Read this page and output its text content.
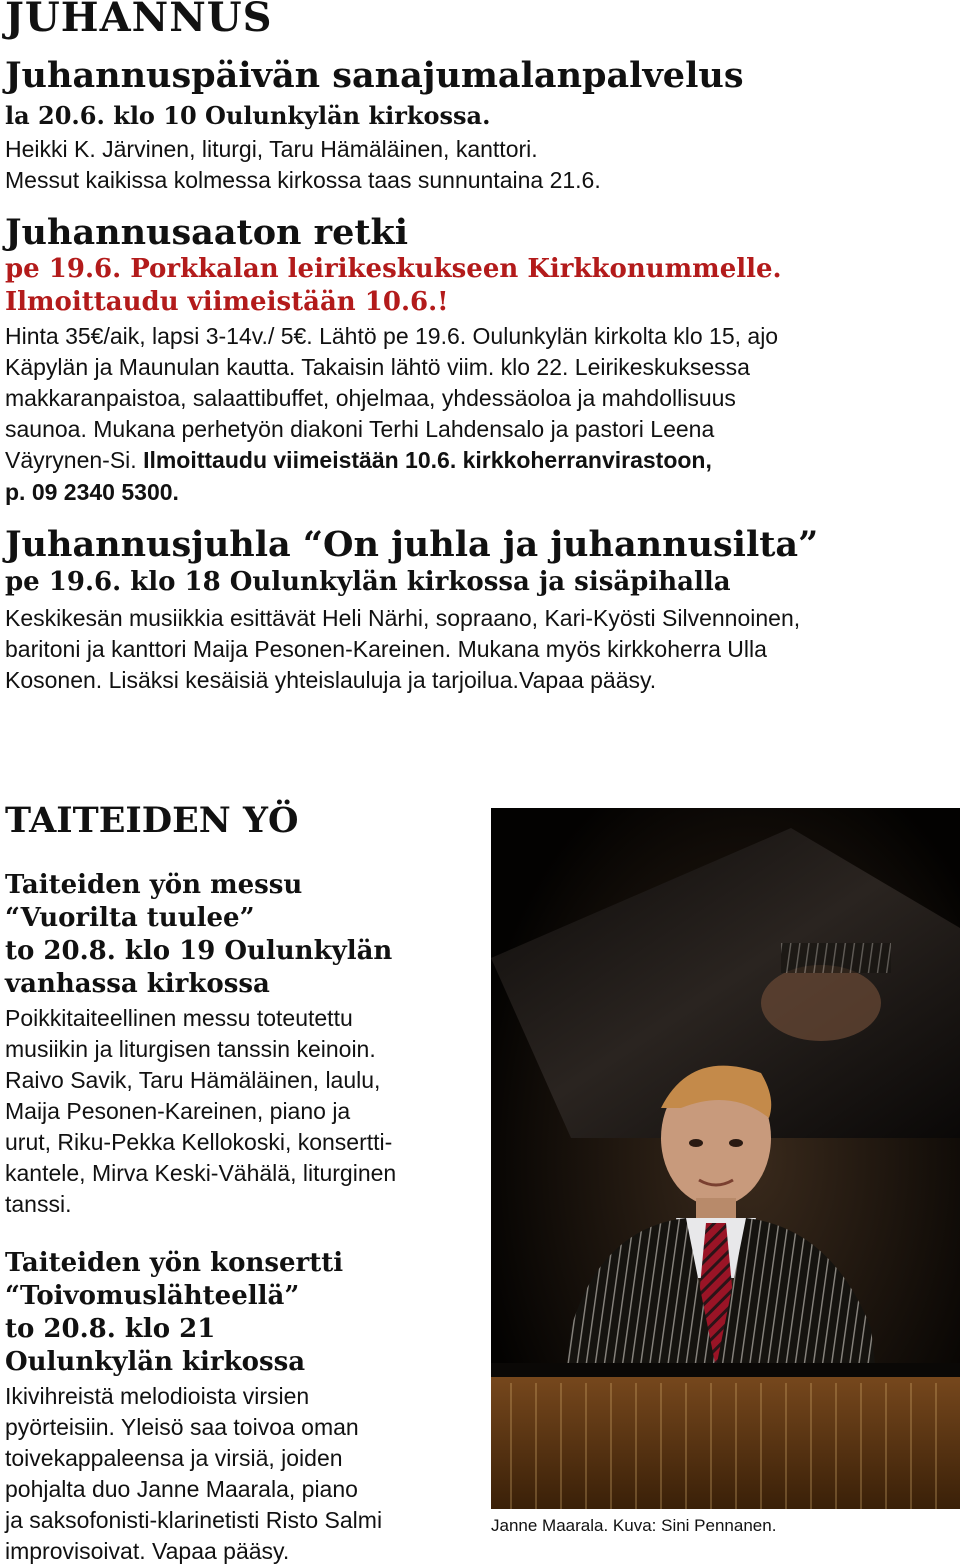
JUHANNUS
Juhannuspäivän sanajumalanpalvelus
la 20.6. klo 10 Oulunkylän kirkossa.
Heikki K. Järvinen, liturgi, Taru Hämäläinen, kanttori.
Messut kaikissa kolmessa kirkossa taas sunnuntaina 21.6.
Juhannusaaton retki
pe 19.6. Porkkalan leirikeskukseen Kirkkonummelle.
Ilmoittaudu viimeistään 10.6.!
Hinta 35€/aik, lapsi 3-14v./ 5€. Lähtö pe 19.6. Oulunkylän kirkolta klo 15, ajo
Käpylän ja Maunulan kautta. Takaisin lähtö viim. klo 22. Leirikeskuksessa
makkaranpaistoa, salaattibuffet, ohjelmaa, yhdessäoloa ja mahdollisuus
saunoa. Mukana perhetyön diakoni Terhi Lahdensalo ja pastori Leena
Väyrynen-Si. Ilmoittaudu viimeistään 10.6. kirkkoherranvirastoon,
p. 09 2340 5300.
Juhannusjuhla “On juhla ja juhannusilta”
pe 19.6. klo 18 Oulunkylän kirkossa ja sisäpihalla
Keskikesän musiikkia esittävät Heli Närhi, sopraano, Kari-Kyösti Silvennoinen,
baritoni ja kanttori Maija Pesonen-Kareinen. Mukana myös kirkkoherra Ulla
Kosonen. Lisäksi kesäisiä yhteislauluja ja tarjoilua.Vapaa pääsy.
TAITEIDEN YÖ
Taiteiden yön messu
“Vuorilta tuulee”
to 20.8. klo 19 Oulunkylän
vanhassa kirkossa
Poikkitaiteellinen messu toteutettu
musiikin ja liturgisen tanssin keinoin.
Raivo Savik, Taru Hämäläinen, laulu,
Maija Pesonen-Kareinen, piano ja
urut, Riku-Pekka Kellokoski, konsertti-
kantele, Mirva Keski-Vähälä, liturginen
tanssi.
Taiteiden yön konsertti
“Toivomuslähteellä”
to 20.8. klo 21
Oulunkylän kirkossa
Ikivihreistä melodioista virsien
pyörteisiin. Yleisö saa toivoa oman
toivekappaleensa ja virsiä, joiden
pohjalta duo Janne Maarala, piano
ja saksofonisti-klarinetisti Risto Salmi
improvisoivat. Vapaa pääsy.
Janne Maarala. Kuva: Sini Pennanen.
